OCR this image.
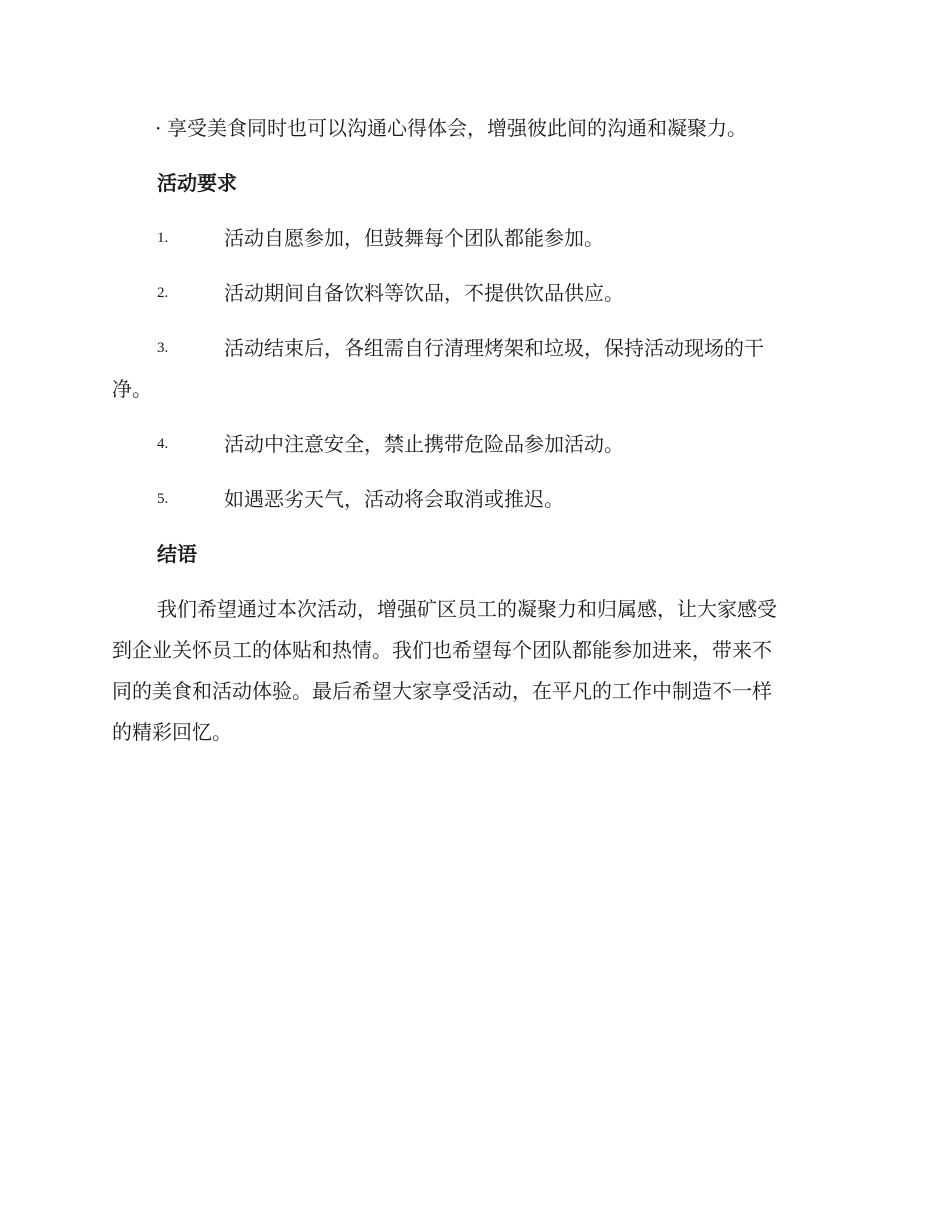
· 享受美食同时也可以沟通心得体会，增强彼此间的沟通和凝聚力。
活动要求
1.	活动自愿参加，但鼓舞每个团队都能参加。
2.	活动期间自备饮料等饮品，不提供饮品供应。
3.	活动结束后，各组需自行清理烤架和垃圾，保持活动现场的干
净。
4.	活动中注意安全，禁止携带危险品参加活动。
5.	如遇恶劣天气，活动将会取消或推迟。
结语
我们希望通过本次活动，增强矿区员工的凝聚力和归属感，让大家感受
到企业关怀员工的体贴和热情。我们也希望每个团队都能参加进来，带来不
同的美食和活动体验。最后希望大家享受活动，在平凡的工作中制造不一样
的精彩回忆。
